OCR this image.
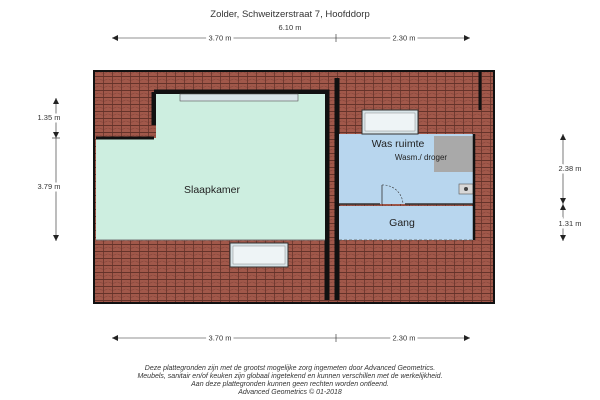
Zolder, Schweitzerstraat 7, Hoofddorp
6.10 m
3.70 m	2.30 m
Slaapkamer
Was ruimte
Wasm./ droger
Gang
1.35 m
3.79 m
2.38 m
1.31 m
3.70 m	2.30 m
Deze plattegronden zijn met de grootst mogelijke zorg ingemeten door Advanced Geometrics.
Meubels, sanitair en/of keuken zijn globaal ingetekend en kunnen verschillen met de werkelijkheid.
Aan deze plattegronden kunnen geen rechten worden ontleend.
Advanced Geometrics © 01-2018
